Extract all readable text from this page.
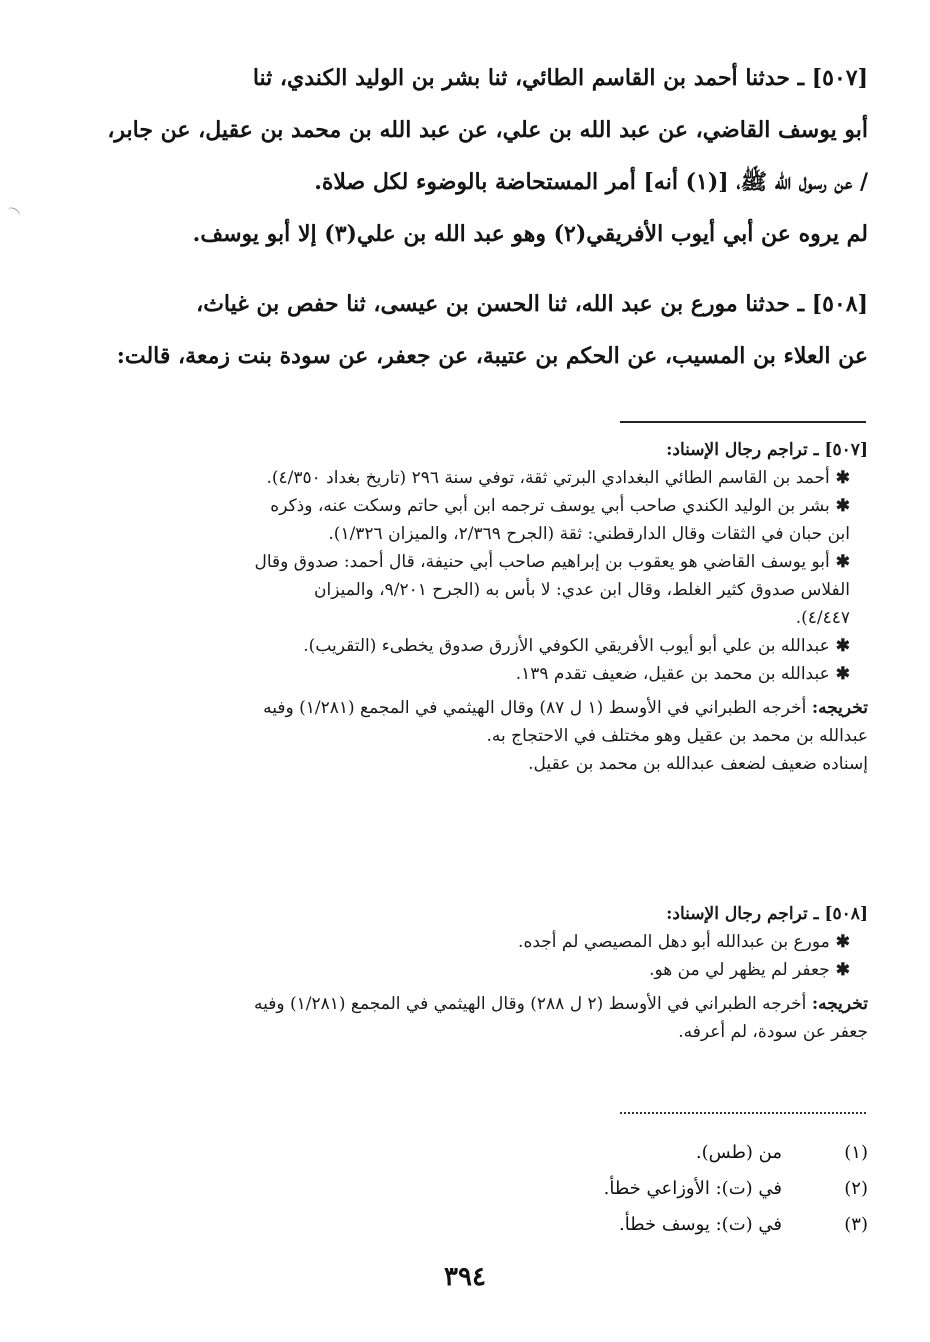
[٥٠٧] ـ حدثنا أحمد بن القاسم الطائي، ثنا بشر بن الوليد الكندي، ثنا
أبو يوسف القاضي، عن عبد الله بن علي، عن عبد الله بن محمد بن عقيل، عن جابر،
/ عن رسول الله ﷺ، [(١) أنه] أمر المستحاضة بالوضوء لكل صلاة.
لم يروه عن أبي أيوب الأفريقي(٢) وهو عبد الله بن علي(٣) إلا أبو يوسف.
[٥٠٨] ـ حدثنا مورع بن عبد الله، ثنا الحسن بن عيسى، ثنا حفص بن غياث،
عن العلاء بن المسيب، عن الحكم بن عتيبة، عن جعفر، عن سودة بنت زمعة، قالت:
[٥٠٧] ـ تراجم رجال الإسناد:
✱أحمد بن القاسم الطائي البغدادي البرتي ثقة، توفي سنة ٢٩٦ (تاريخ بغداد ٤/٣٥٠).
✱بشر بن الوليد الكندي صاحب أبي يوسف ترجمه ابن أبي حاتم وسكت عنه، وذكره
ابن حبان في الثقات وقال الدارقطني: ثقة (الجرح ٢/٣٦٩، والميزان ١/٣٢٦).
✱أبو يوسف القاضي هو يعقوب بن إبراهيم صاحب أبي حنيفة، قال أحمد: صدوق وقال
الفلاس صدوق كثير الغلط، وقال ابن عدي: لا بأس به (الجرح ٩/٢٠١، والميزان
٤/٤٤٧).
✱عبدالله بن علي أبو أيوب الأفريقي الكوفي الأزرق صدوق يخطىء (التقريب).
✱عبدالله بن محمد بن عقيل، ضعيف تقدم ١٣٩.
تخريجه: أخرجه الطبراني في الأوسط (١ ل ٨٧) وقال الهيثمي في المجمع (١/٢٨١) وفيه
عبدالله بن محمد بن عقيل وهو مختلف في الاحتجاج به.
إسناده ضعيف لضعف عبدالله بن محمد بن عقيل.
[٥٠٨] ـ تراجم رجال الإسناد:
✱مورع بن عبدالله أبو دهل المصيصي لم أجده.
✱جعفر لم يظهر لي من هو.
تخريجه: أخرجه الطبراني في الأوسط (٢ ل ٢٨٨) وقال الهيثمي في المجمع (١/٢٨١) وفيه
جعفر عن سودة، لم أعرفه.
(١)من (طس).
(٢)في (ت): الأوزاعي خطأ.
(٣)في (ت): يوسف خطأ.
٣٩٤
